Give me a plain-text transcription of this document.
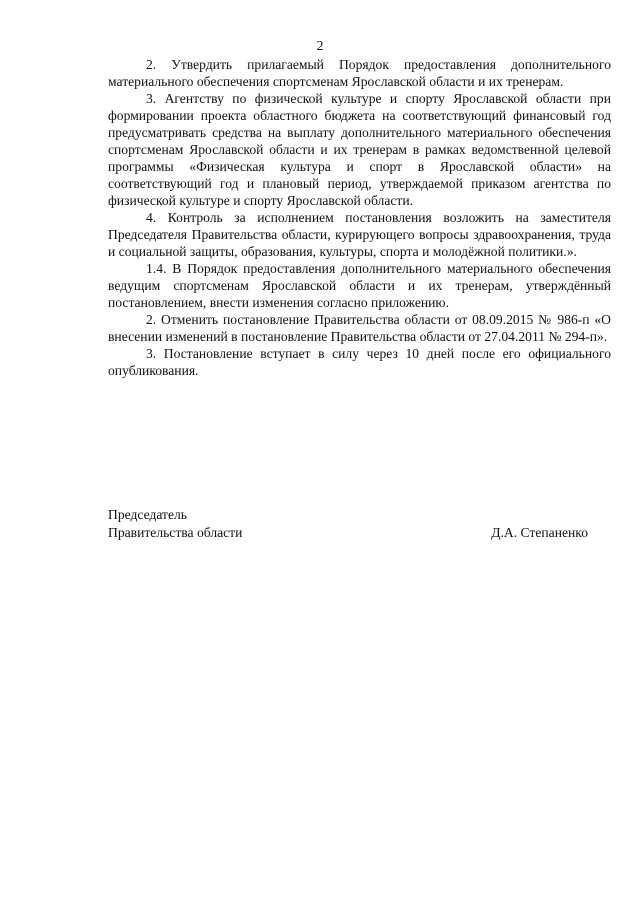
2

2. Утвердить прилагаемый Порядок предоставления дополнительного материального обеспечения спортсменам Ярославской области и их тренерам.

3. Агентству по физической культуре и спорту Ярославской области при формировании проекта областного бюджета на соответствующий финансовый год предусматривать средства на выплату дополнительного материального обеспечения спортсменам Ярославской области и их тренерам в рамках ведомственной целевой программы «Физическая культура и спорт в Ярославской области» на соответствующий год и плановый период, утверждаемой приказом агентства по физической культуре и спорту Ярославской области.

4. Контроль за исполнением постановления возложить на заместителя Председателя Правительства области, курирующего вопросы здравоохранения, труда и социальной защиты, образования, культуры, спорта и молодёжной политики.».

1.4. В Порядок предоставления дополнительного материального обеспечения ведущим спортсменам Ярославской области и их тренерам, утверждённый постановлением, внести изменения согласно приложению.

2. Отменить постановление Правительства области от 08.09.2015 № 986-п «О внесении изменений в постановление Правительства области от 27.04.2011 № 294-п».

3. Постановление вступает в силу через 10 дней после его официального опубликования.

Председатель
Правительства области	Д.А. Степаненко
